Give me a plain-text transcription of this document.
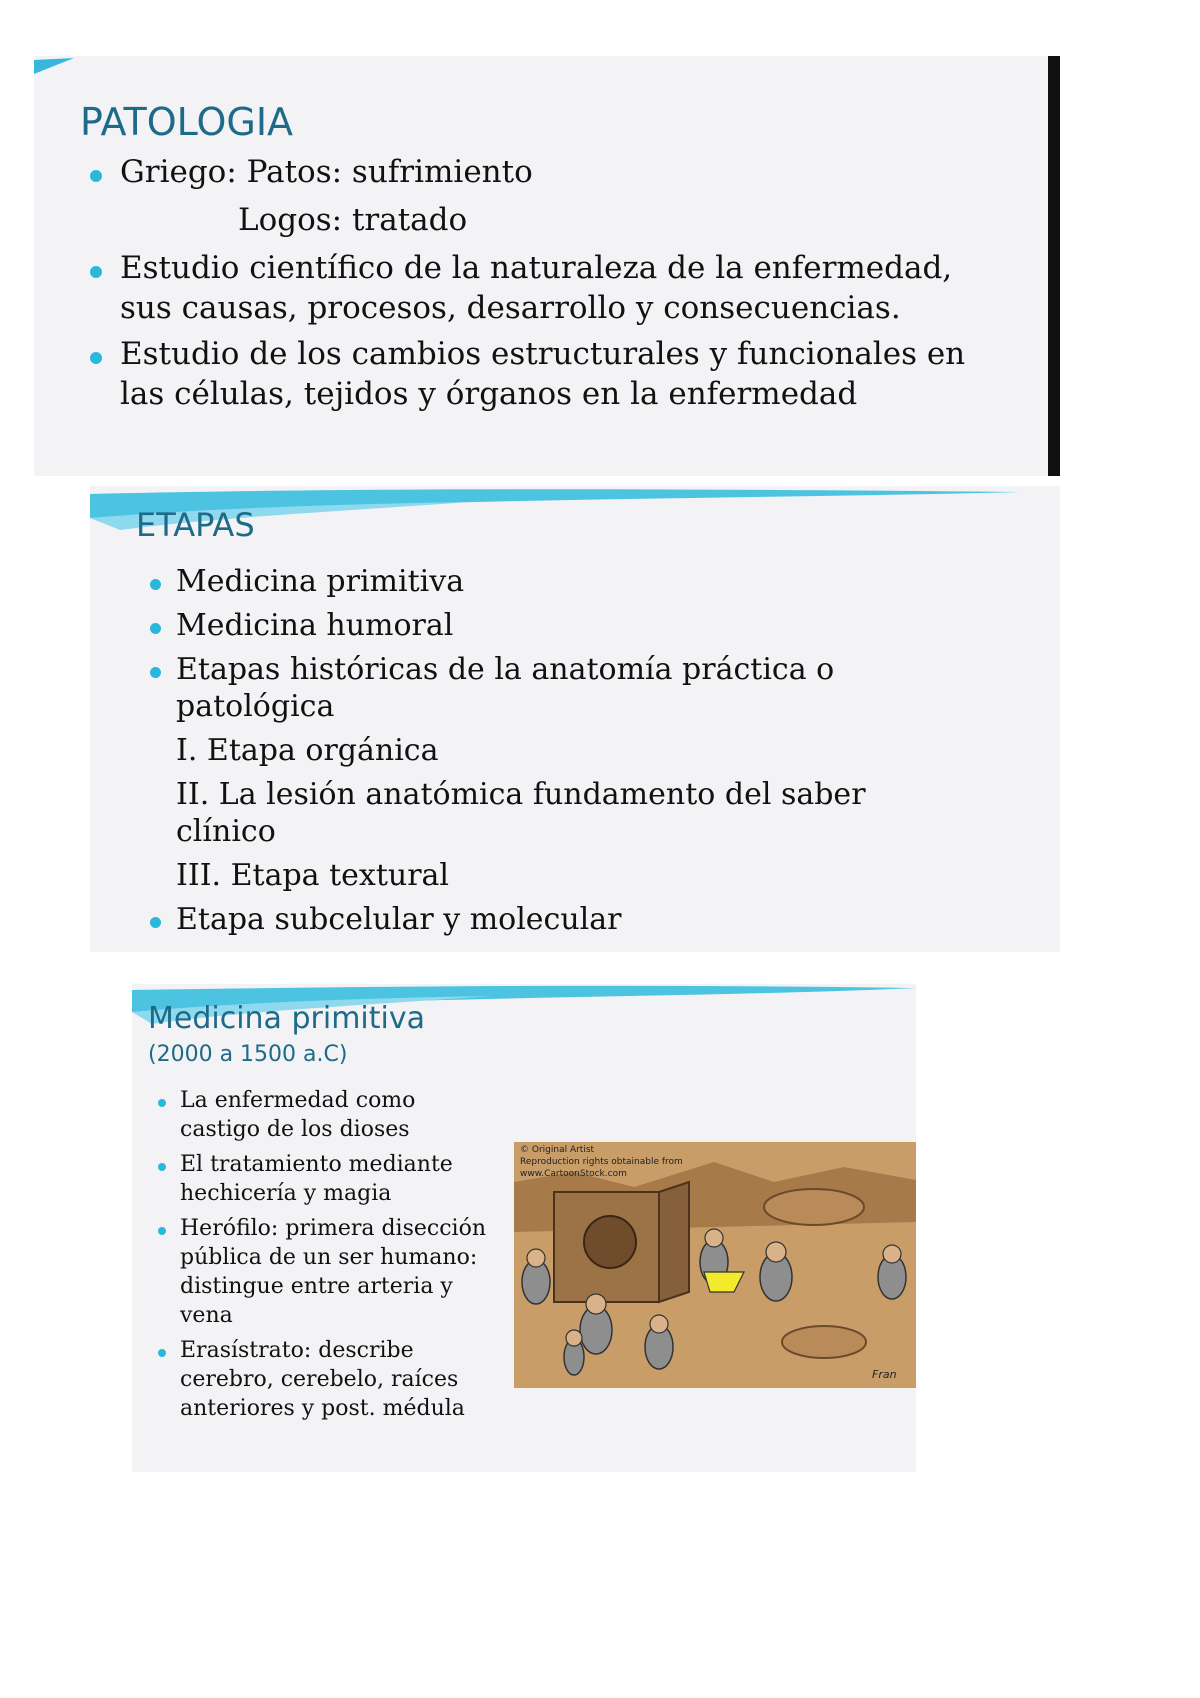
PATOLOGIA
Griego: Patos: sufrimiento
Logos: tratado
Estudio científico de la naturaleza de la enfermedad,
sus causas, procesos, desarrollo y consecuencias.
Estudio de los cambios estructurales y funcionales en
las células, tejidos y órganos en la enfermedad
ETAPAS
Medicina primitiva
Medicina humoral
Etapas históricas de la anatomía práctica o
patológica
I. Etapa orgánica
II. La lesión anatómica fundamento del saber
clínico
III. Etapa textural
Etapa subcelular y molecular
Medicina primitiva
(2000 a 1500 a.C)
La enfermedad como
castigo de los dioses
El tratamiento mediante
hechicería y magia
Herófilo: primera disección
pública de un ser humano:
distingue entre arteria y
vena
Erasístrato: describe
cerebro, cerebelo, raíces
anteriores y post. médula
© Original Artist
Reproduction rights obtainable from
www.CartoonStock.com
Fran
